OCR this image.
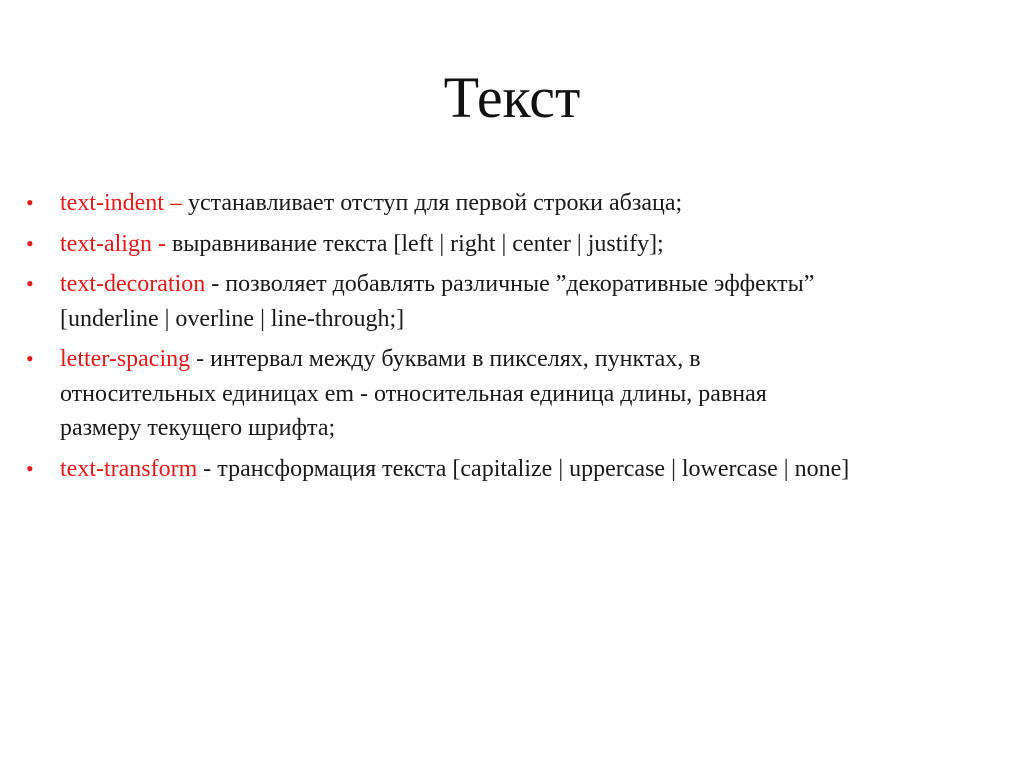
Текст
• text-indent – устанавливает отступ для первой строки абзаца;
• text-align - выравнивание текста [left | right | center | justify];
• text-decoration - позволяет добавлять различные ”декоративные эффекты”
[underline | overline | line-through;]
• letter-spacing - интервал между буквами в пикселях, пунктах, в
относительных единицах em - относительная единица длины, равная
размеру текущего шрифта;
• text-transform - трансформация текста [capitalize | uppercase | lowercase | none]
